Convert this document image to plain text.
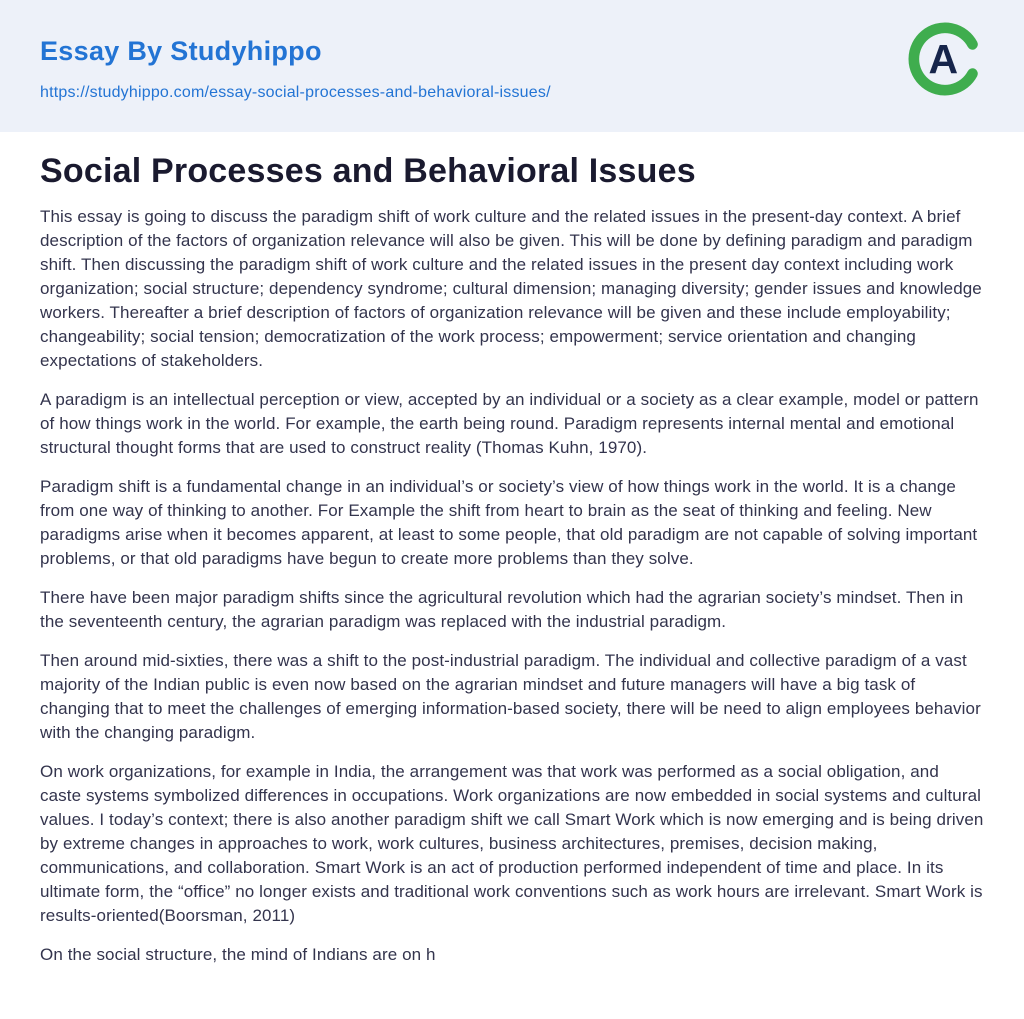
Essay By Studyhippo
https://studyhippo.com/essay-social-processes-and-behavioral-issues/
A
Social Processes and Behavioral Issues

This essay is going to discuss the paradigm shift of work culture and the related issues in the present-day context. A brief description of the factors of organization relevance will also be given. This will be done by defining paradigm and paradigm shift. Then discussing the paradigm shift of work culture and the related issues in the present day context including work organization; social structure; dependency syndrome; cultural dimension; managing diversity; gender issues and knowledge workers. Thereafter a brief description of factors of organization relevance will be given and these include employability; changeability; social tension; democratization of the work process; empowerment; service orientation and changing expectations of stakeholders.

A paradigm is an intellectual perception or view, accepted by an individual or a society as a clear example, model or pattern of how things work in the world. For example, the earth being round. Paradigm represents internal mental and emotional structural thought forms that are used to construct reality (Thomas Kuhn, 1970).

Paradigm shift is a fundamental change in an individual’s or society’s view of how things work in the world. It is a change from one way of thinking to another. For Example the shift from heart to brain as the seat of thinking and feeling. New paradigms arise when it becomes apparent, at least to some people, that old paradigm are not capable of solving important problems, or that old paradigms have begun to create more problems than they solve.

There have been major paradigm shifts since the agricultural revolution which had the agrarian society’s mindset. Then in the seventeenth century, the agrarian paradigm was replaced with the industrial paradigm.

Then around mid-sixties, there was a shift to the post-industrial paradigm. The individual and collective paradigm of a vast majority of the Indian public is even now based on the agrarian mindset and future managers will have a big task of changing that to meet the challenges of emerging information-based society, there will be need to align employees behavior with the changing paradigm.

On work organizations, for example in India, the arrangement was that work was performed as a social obligation, and caste systems symbolized differences in occupations. Work organizations are now embedded in social systems and cultural values. I today’s context; there is also another paradigm shift we call Smart Work which is now emerging and is being driven by extreme changes in approaches to work, work cultures, business architectures, premises, decision making, communications, and collaboration. Smart Work is an act of production performed independent of time and place. In its ultimate form, the “office” no longer exists and traditional work conventions such as work hours are irrelevant. Smart Work is results-oriented(Boorsman, 2011)

On the social structure, the mind of Indians are on h
